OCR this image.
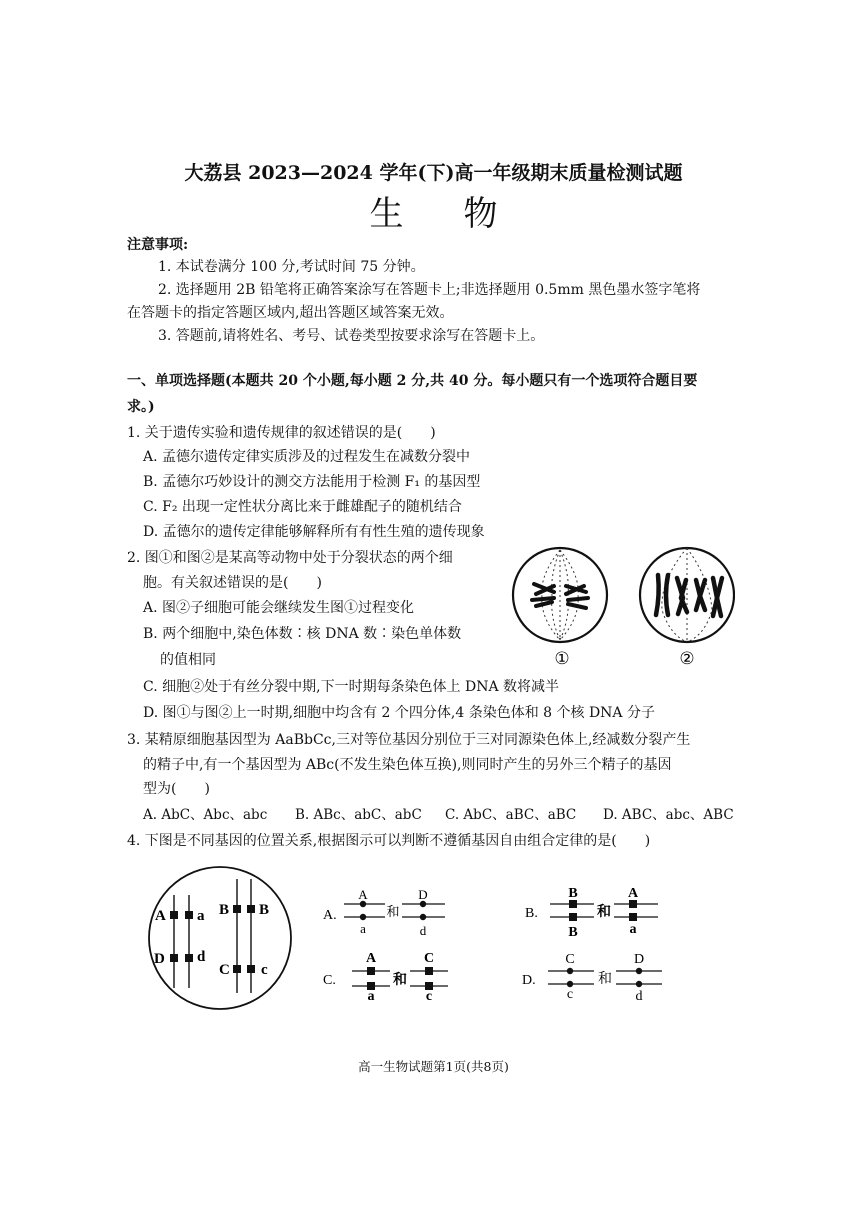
大荔县 2023—2024 学年(下)高一年级期末质量检测试题
生物
注意事项:
1. 本试卷满分 100 分,考试时间 75 分钟。
2. 选择题用 2B 铅笔将正确答案涂写在答题卡上;非选择题用 0.5mm 黑色墨水签字笔将
在答题卡的指定答题区域内,超出答题区域答案无效。
3. 答题前,请将姓名、考号、试卷类型按要求涂写在答题卡上。
一、单项选择题(本题共 20 个小题,每小题 2 分,共 40 分。每小题只有一个选项符合题目要
求。)
1. 关于遗传实验和遗传规律的叙述错误的是(　　)
A. 孟德尔遗传定律实质涉及的过程发生在减数分裂中
B. 孟德尔巧妙设计的测交方法能用于检测 F₁ 的基因型
C. F₂ 出现一定性状分离比来于雌雄配子的随机结合
D. 孟德尔的遗传定律能够解释所有有性生殖的遗传现象
2. 图①和图②是某高等动物中处于分裂状态的两个细
胞。有关叙述错误的是(　　)
A. 图②子细胞可能会继续发生图①过程变化
B. 两个细胞中,染色体数∶核 DNA 数∶染色单体数
的值相同
C. 细胞②处于有丝分裂中期,下一时期每条染色体上 DNA 数将减半
D. 图①与图②上一时期,细胞中均含有 2 个四分体,4 条染色体和 8 个核 DNA 分子
①	②
3. 某精原细胞基因型为 AaBbCc,三对等位基因分别位于三对同源染色体上,经减数分裂产生
的精子中,有一个基因型为 ABc(不发生染色体互换),则同时产生的另外三个精子的基因
型为(　　)
A. AbC、Abc、abc B. ABc、abC、abC C. AbC、aBC、aBC D. ABC、abc、ABC
4. 下图是不同基因的位置关系,根据图示可以判断不遵循基因自由组合定律的是(　　)
A a
D d
B B
C c
A.
A
a
D
d
和	B.
B
B
A
a
和
C.
A
a
C
c
和	D.
C
c
D
d
和
高一生物试题第1页(共8页)
